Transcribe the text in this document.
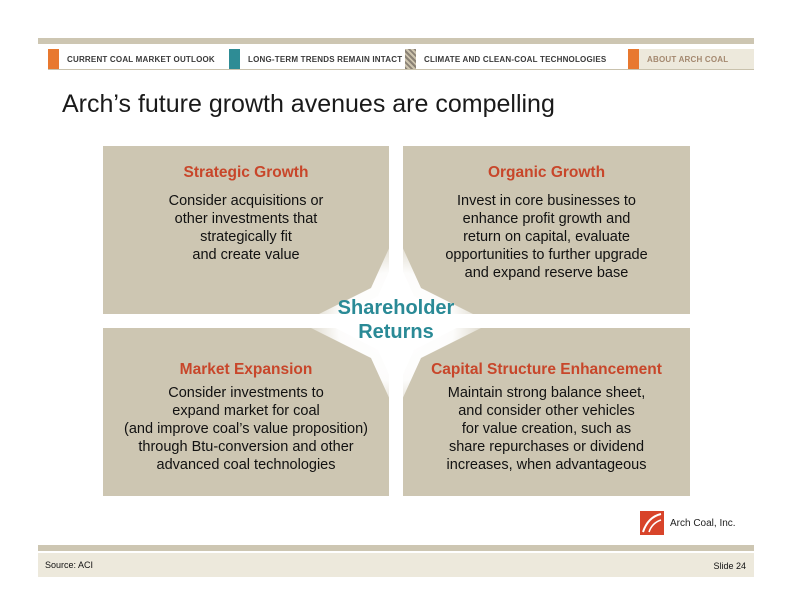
CURRENT COAL MARKET OUTLOOK	LONG-TERM TRENDS REMAIN INTACT	CLIMATE AND CLEAN-COAL TECHNOLOGIES	ABOUT ARCH COAL
Arch’s future growth avenues are compelling
Strategic Growth
Consider acquisitions or
other investments that
strategically fit
and create value
Organic Growth
Invest in core businesses to
enhance profit growth and
return on capital, evaluate
opportunities to further upgrade
and expand reserve base
Market Expansion
Consider investments to
expand market for coal
(and improve coal’s value proposition)
through Btu-conversion and other
advanced coal technologies
Capital Structure Enhancement
Maintain strong balance sheet,
and consider other vehicles
for value creation, such as
share repurchases or dividend
increases, when advantageous
Shareholder
Returns
Arch Coal, Inc.
Source: ACI	Slide 24
